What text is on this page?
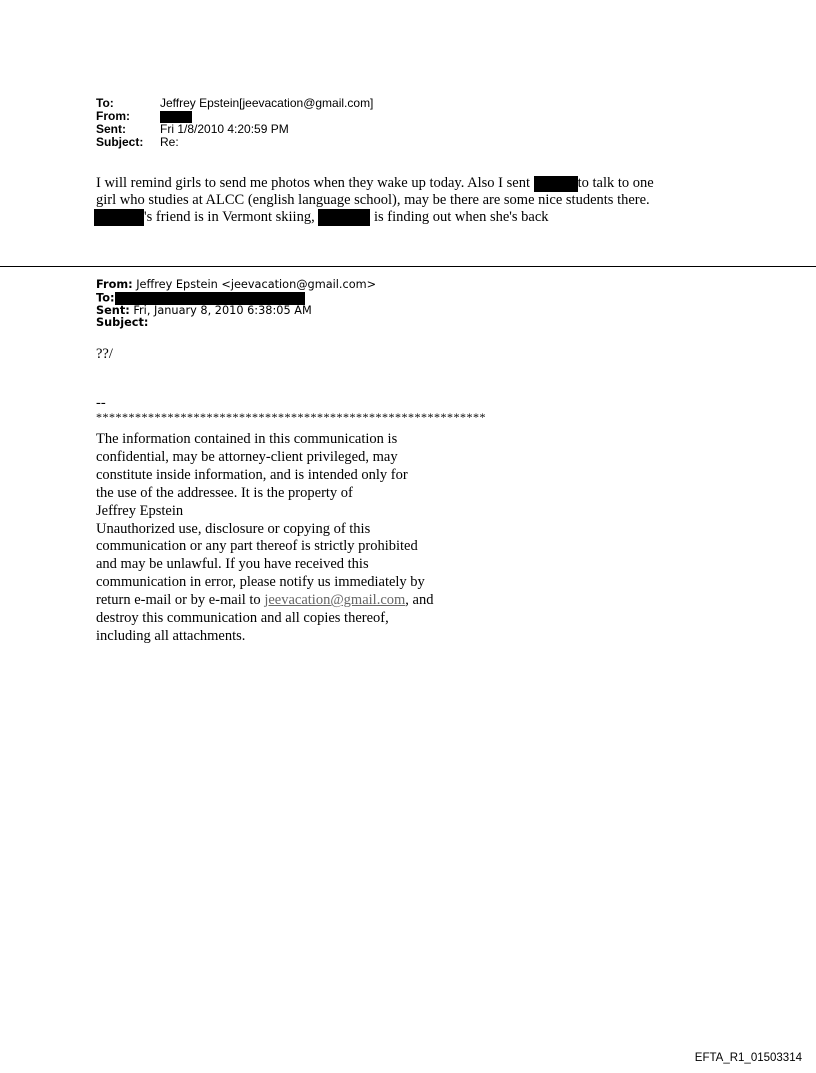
To:	Jeffrey Epstein[jeevacation@gmail.com]
From:
Sent:	Fri 1/8/2010 4:20:59 PM
Subject: Re:
I will remind girls to send me photos when they wake up today. Also I sent	to talk to one
girl who studies at ALCC (english language school), may be there are some nice students there.
's friend is in Vermont skiing,	is finding out when she's back
From: Jeffrey Epstein <jeevacation@gmail.com>
To:
Sent: Fri, January 8, 2010 6:38:05 AM
Subject:
??/
--
************************************************************
The information contained in this communication is
confidential, may be attorney-client privileged, may
constitute inside information, and is intended only for
the use of the addressee. It is the property of
Jeffrey Epstein
Unauthorized use, disclosure or copying of this
communication or any part thereof is strictly prohibited
and may be unlawful. If you have received this
communication in error, please notify us immediately by
return e-mail or by e-mail to jeevacation@gmail.com, and
destroy this communication and all copies thereof,
including all attachments.
EFTA_R1_01503314
